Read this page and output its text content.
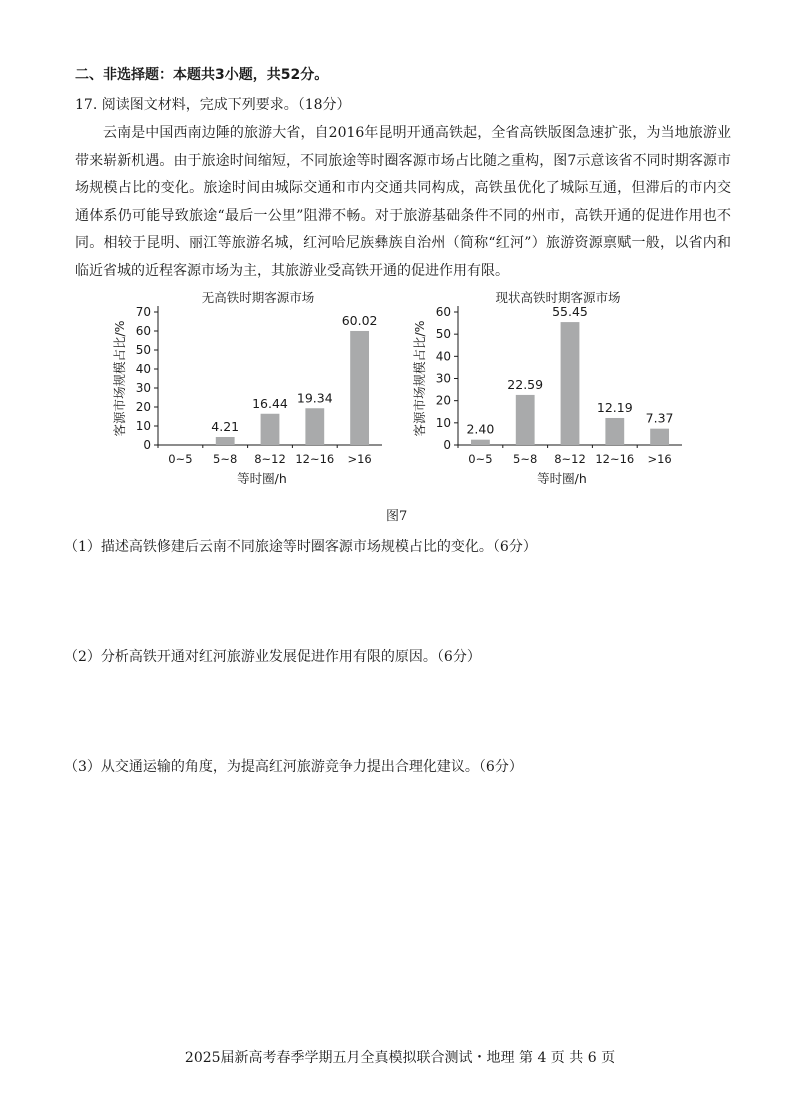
二、非选择题：本题共3小题，共52分。
17. 阅读图文材料，完成下列要求。（18分）
云南是中国西南边陲的旅游大省，自2016年昆明开通高铁起，全省高铁版图急速扩张，为当地旅游业带来崭新机遇。由于旅途时间缩短，不同旅途等时圈客源市场占比随之重构，图7示意该省不同时期客源市场规模占比的变化。旅途时间由城际交通和市内交通共同构成，高铁虽优化了城际互通，但滞后的市内交通体系仍可能导致旅途“最后一公里”阻滞不畅。对于旅游基础条件不同的州市，高铁开通的促进作用也不同。相较于昆明、丽江等旅游名城，红河哈尼族彝族自治州（简称“红河”）旅游资源禀赋一般，以省内和临近省城的近程客源市场为主，其旅游业受高铁开通的促进作用有限。
无高铁时期客源市场
客源市场规模占比/%
0
10
20
30
40
50
60
70
0~5
4.21
5~8
16.44
8~12
19.34
12~16
60.02
>16
等时圈/h
现状高铁时期客源市场
客源市场规模占比/%
0
10
20
30
40
50
60
2.40
0~5
22.59
5~8
55.45
8~12
12.19
12~16
7.37
>16
等时圈/h
图7
（1）描述高铁修建后云南不同旅途等时圈客源市场规模占比的变化。（6分）
（2）分析高铁开通对红河旅游业发展促进作用有限的原因。（6分）
（3）从交通运输的角度，为提高红河旅游竞争力提出合理化建议。（6分）
2025届新高考春季学期五月全真模拟联合测试・地理 第 4 页 共 6 页
